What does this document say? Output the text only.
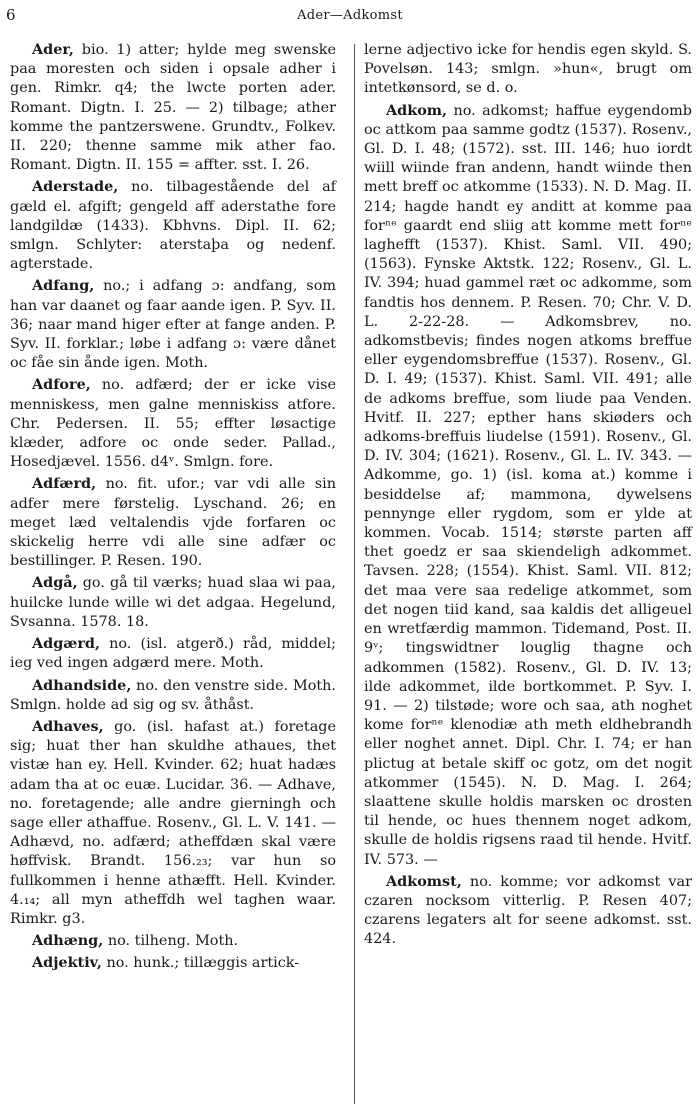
6	Ader—Adkomst

Ader, bio. 1) atter; hylde meg swenske paa moresten och siden i opsale adher i gen. Rimkr. q4; the lwcte porten ader. Romant. Digtn. I. 25. — 2) tilbage; ather komme the pantzerswene. Grundtv., Folkev. II. 220; thenne samme mik ather fao. Romant. Digtn. II. 155 = affter. sst. I. 26.

Aderstade, no. tilbagestående del af gæld el. afgift; gengeld aff aderstathe fore landgildæ (1433). Kbhvns. Dipl. II. 62; smlgn. Schlyter: aterstaþa og nedenf. agterstade.

Adfang, no.; i adfang ɔ: andfang, som han var daanet og faar aande igen. P. Syv. II. 36; naar mand higer efter at fange anden. P. Syv. II. forklar.; løbe i adfang ɔ: være dånet oc fåe sin ånde igen. Moth.

Adfore, no. adfærd; der er icke vise menniskess, men galne menniskiss atfore. Chr. Pedersen. II. 55; effter løsactige klæder, adfore oc onde seder. Pallad., Hosedjævel. 1556. d4ᵛ. Smlgn. fore.

Adfærd, no. fit. ufor.; var vdi alle sin adfer mere førstelig. Lyschand. 26; en meget læd veltalendis vjde forfaren oc skickelig herre vdi alle sine adfær oc bestillinger. P. Resen. 190.

Adgå, go. gå til værks; huad slaa wi paa, huilcke lunde wille wi det adgaa. Hegelund, Svsanna. 1578. 18.

Adgærd, no. (isl. atgerð.) råd, middel; ieg ved ingen adgærd mere. Moth.

Adhandside, no. den venstre side. Moth. Smlgn. holde ad sig og sv. åthåst.

Adhaves, go. (isl. hafast at.) foretage sig; huat ther han skuldhe athaues, thet vistæ han ey. Hell. Kvinder. 62; huat hadæs adam tha at oc euæ. Lucidar. 36. — Adhave, no. foretagende; alle andre gierningh och sage eller athaffue. Rosenv., Gl. L. V. 141. — Adhævd, no. adfærd; atheffdæn skal være høffvisk. Brandt. 156.₂₃; var hun so fullkommen i henne athæfft. Hell. Kvinder. 4.₁₄; all myn atheffdh wel taghen waar. Rimkr. g3.

Adhæng, no. tilheng. Moth.

Adjektiv, no. hunk.; tillæggis artick-

lerne adjectivo icke for hendis egen skyld. S. Povelsøn. 143; smlgn. »hun«, brugt om intetkønsord, se d. o.

Adkom, no. adkomst; haffue eygendomb oc attkom paa samme godtz (1537). Rosenv., Gl. D. I. 48; (1572). sst. III. 146; huo iordt wiill wiinde fran andenn, handt wiinde then mett breff oc atkomme (1533). N. D. Mag. II. 214; hagde handt ey anditt at komme paa forⁿᵉ gaardt end sliig att komme mett forⁿᵉ laghefft (1537). Khist. Saml. VII. 490; (1563). Fynske Aktstk. 122; Rosenv., Gl. L. IV. 394; huad gammel ræt oc adkomme, som fandtis hos dennem. P. Resen. 70; Chr. V. D. L. 2-22-28. — Adkomsbrev, no. adkomstbevis; findes nogen atkoms breffue eller eygendomsbreffue (1537). Rosenv., Gl. D. I. 49; (1537). Khist. Saml. VII. 491; alle de adkoms breffue, som liude paa Venden. Hvitf. II. 227; epther hans skiøders och adkoms-breffuis liudelse (1591). Rosenv., Gl. D. IV. 304; (1621). Rosenv., Gl. L. IV. 343. — Adkomme, go. 1) (isl. koma at.) komme i besiddelse af; mammona, dywelsens pennynge eller rygdom, som er ylde at kommen. Vocab. 1514; største parten aff thet goedz er saa skiendeligh adkommet. Tavsen. 228; (1554). Khist. Saml. VII. 812; det maa vere saa redelige atkommet, som det nogen tiid kand, saa kaldis det alligeuel en wretfærdig mammon. Tidemand, Post. II. 9ᵛ; tingswidtner louglig thagne och adkommen (1582). Rosenv., Gl. D. IV. 13; ilde adkommet, ilde bortkommet. P. Syv. I. 91. — 2) tilstøde; wore och saa, ath noghet kome forⁿᵉ klenodiæ ath meth eldhebrandh eller noghet annet. Dipl. Chr. I. 74; er han plictug at betale skiff oc gotz, om det nogit atkommer (1545). N. D. Mag. I. 264; slaattene skulle holdis marsken oc drosten til hende, oc hues thennem noget adkom, skulle de holdis rigsens raad til hende. Hvitf. IV. 573. —

Adkomst, no. komme; vor adkomst var czaren nocksom vitterlig. P. Resen 407; czarens legaters alt for seene adkomst. sst. 424.
